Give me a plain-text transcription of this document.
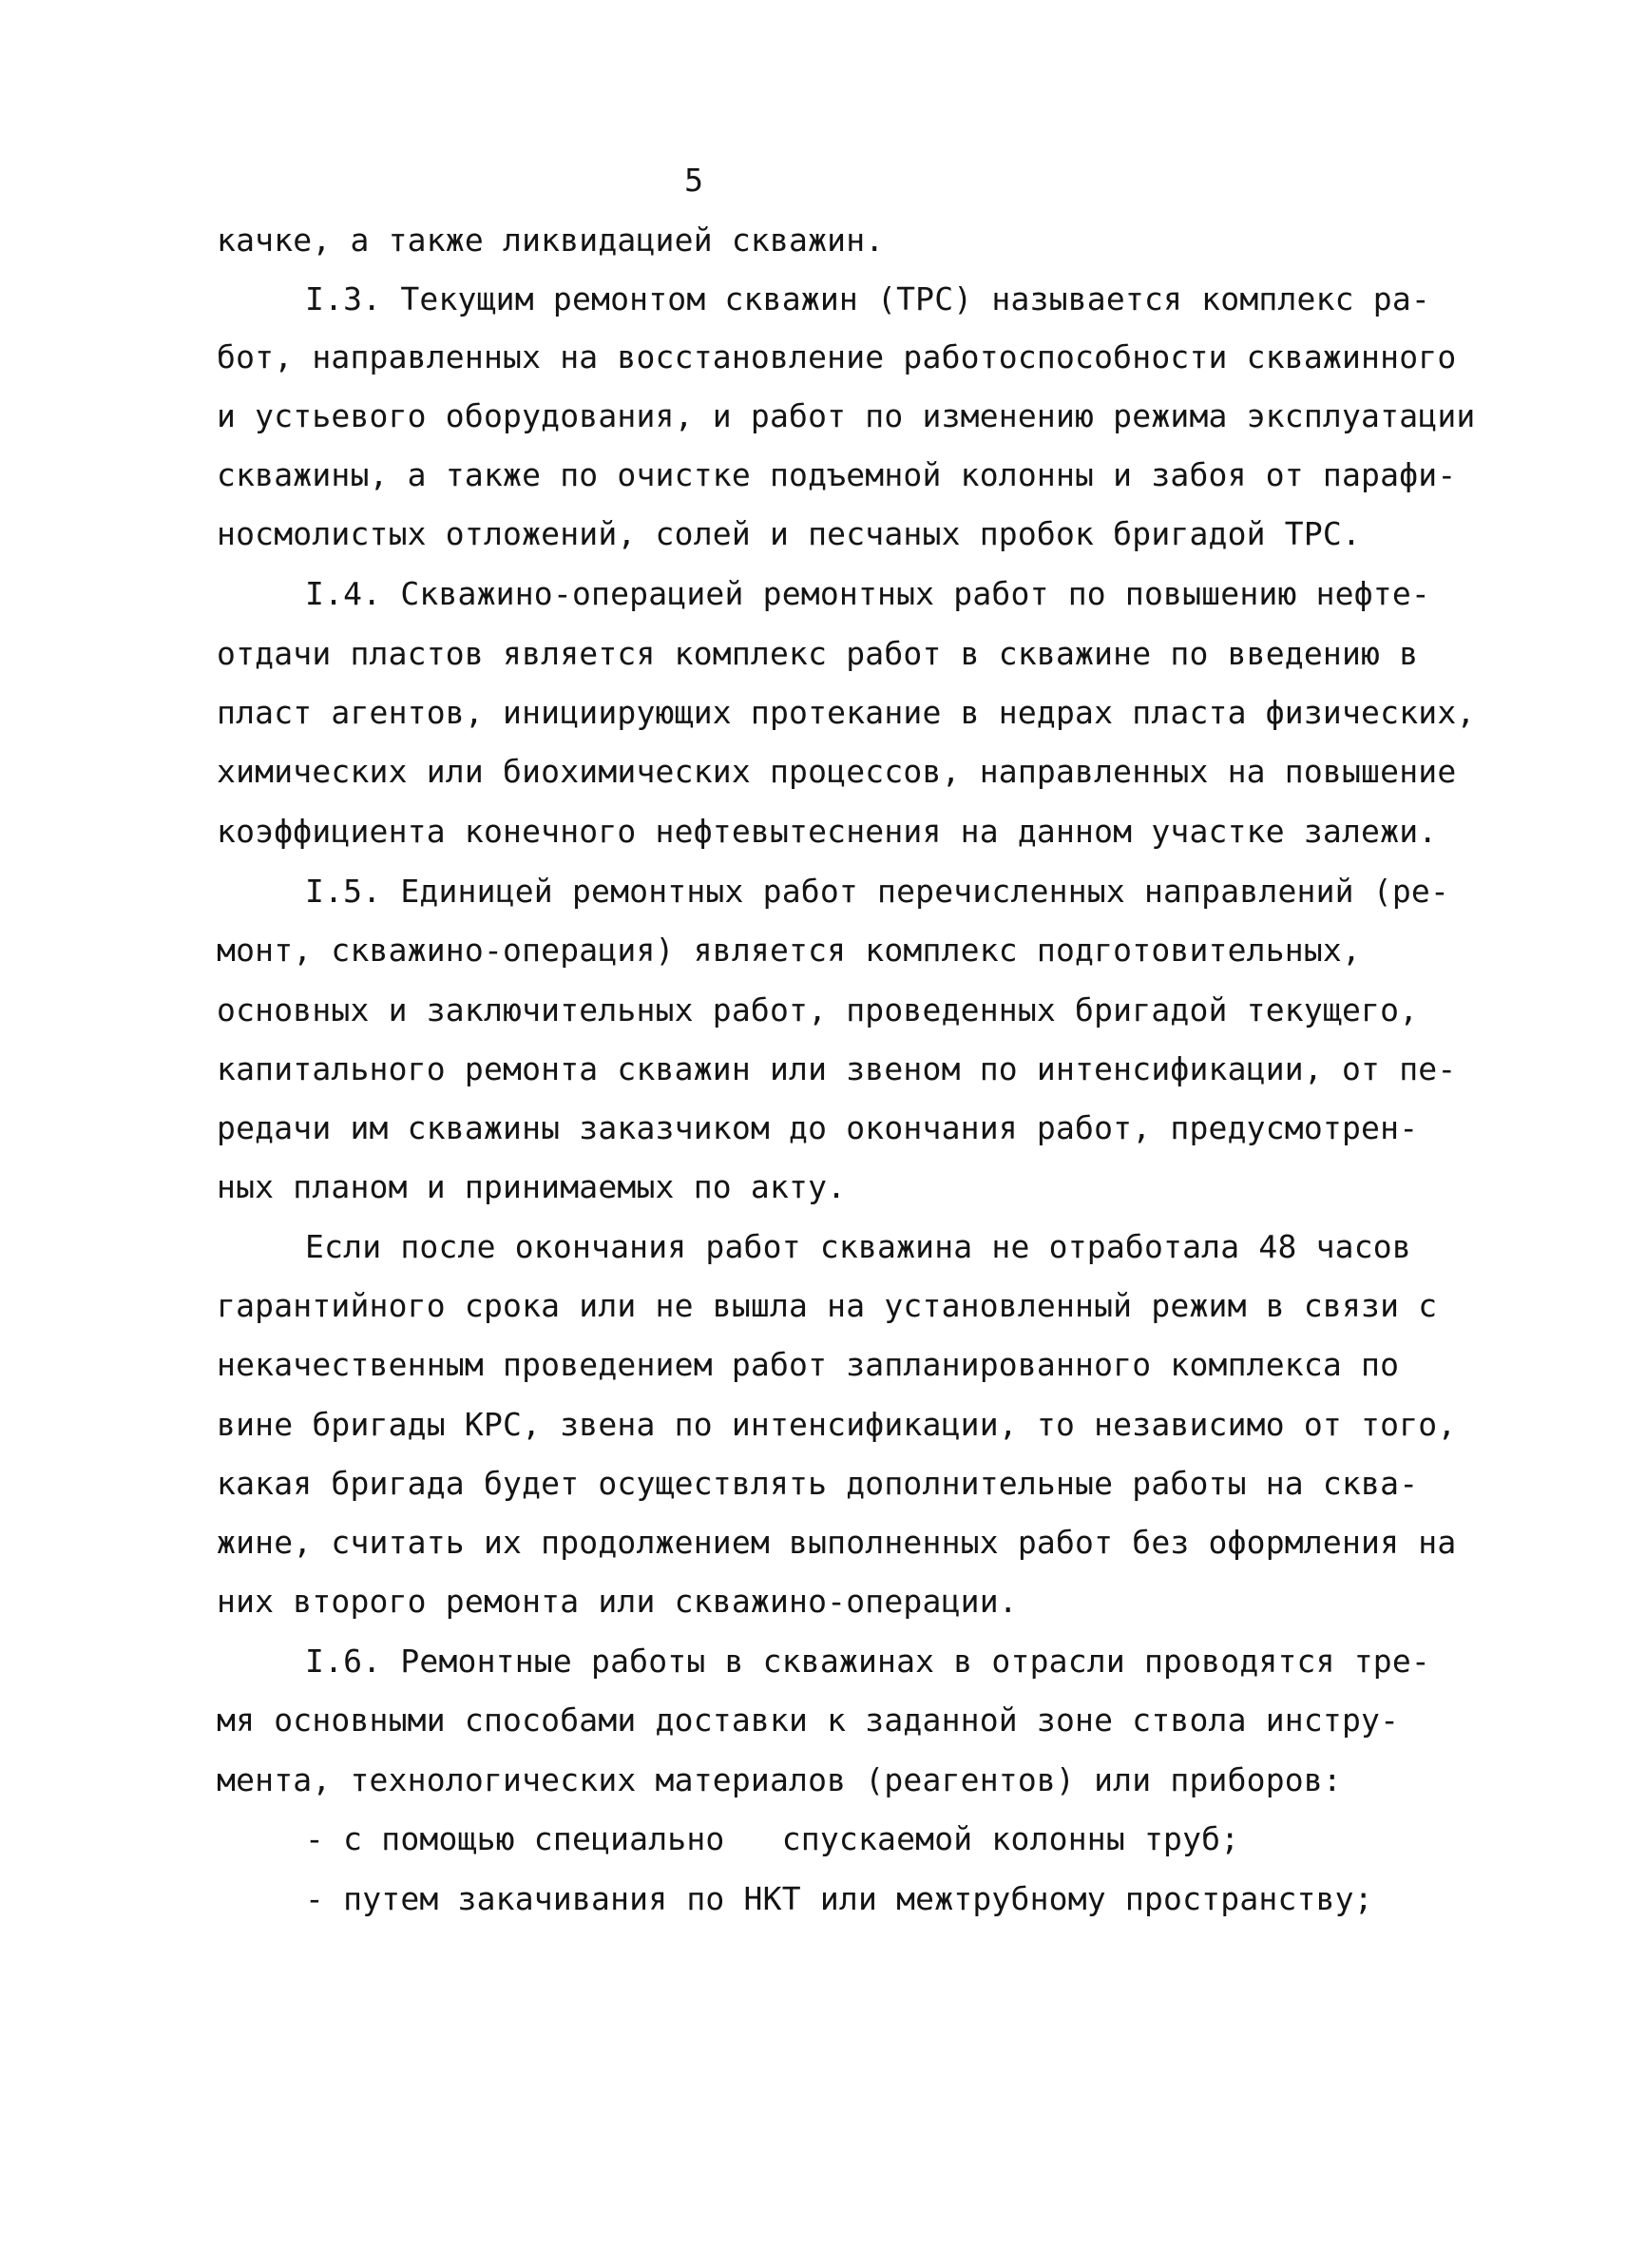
5
качке, а также ликвидацией скважин.
I.3. Текущим ремонтом скважин (ТРС) называется комплекс ра-
бот, направленных на восстановление работоспособности скважинного
и устьевого оборудования, и работ по изменению режима эксплуатации
скважины, а также по очистке подъемной колонны и забоя от парафи-
носмолистых отложений, солей и песчаных пробок бригадой ТРС.
I.4. Скважино-операцией ремонтных работ по повышению нефте-
отдачи пластов является комплекс работ в скважине по введению в
пласт агентов, инициирующих протекание в недрах пласта физических,
химических или биохимических процессов, направленных на повышение
коэффициента конечного нефтевытеснения на данном участке залежи.
I.5. Единицей ремонтных работ перечисленных направлений (ре-
монт, скважино-операция) является комплекс подготовительных,
основных и заключительных работ, проведенных бригадой текущего,
капитального ремонта скважин или звеном по интенсификации, от пе-
редачи им скважины заказчиком до окончания работ, предусмотрен-
ных планом и принимаемых по акту.
Если после окончания работ скважина не отработала 48 часов
гарантийного срока или не вышла на установленный режим в связи с
некачественным проведением работ запланированного комплекса по
вине бригады КРС, звена по интенсификации, то независимо от того,
какая бригада будет осуществлять дополнительные работы на сква-
жине, считать их продолжением выполненных работ без оформления на
них второго ремонта или скважино-операции.
I.6. Ремонтные работы в скважинах в отрасли проводятся тре-
мя основными способами доставки к заданной зоне ствола инстру-
мента, технологических материалов (реагентов) или приборов:
- с помощью специально   спускаемой колонны труб;
- путем закачивания по НКТ или межтрубному пространству;
